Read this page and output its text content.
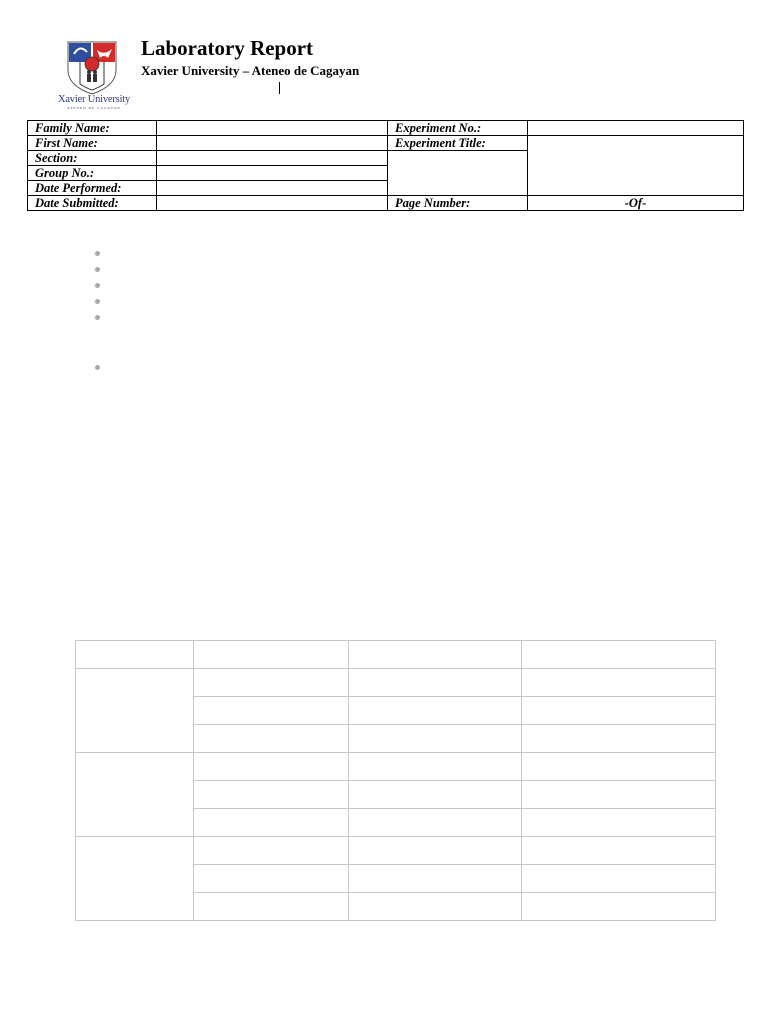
Xavier University
ATENEO DE CAGAYAN
Laboratory Report
Xavier University – Ateneo de Cagayan
Family Name:		Experiment No.:	
First Name:		Experiment Title:	
Section:			
Group No.:			
Date Performed:			
Date Submitted:		Page Number:	-Of-
